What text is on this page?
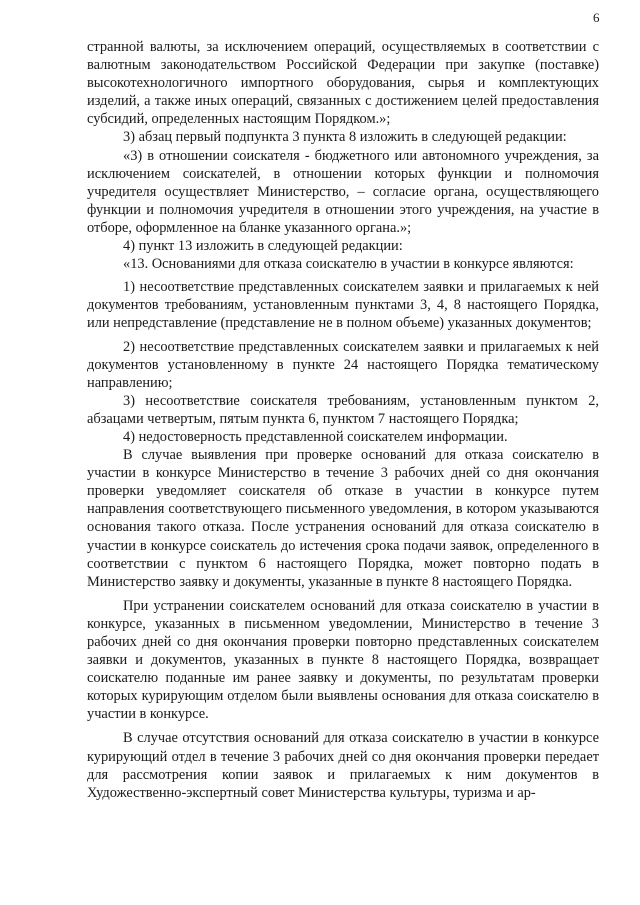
6

странной валюты, за исключением операций, осуществляемых в соответствии с валютным законодательством Российской Федерации при закупке (поставке) высокотехнологичного импортного оборудования, сырья и комплектующих изделий, а также иных операций, связанных с достижением целей предоставления субсидий, определенных настоящим Порядком.»;

3) абзац первый подпункта 3 пункта 8 изложить в следующей редакции:

«3) в отношении соискателя - бюджетного или автономного учреждения, за исключением соискателей, в отношении которых функции и полномочия учредителя осуществляет Министерство, – согласие органа, осуществляющего функции и полномочия учредителя в отношении этого учреждения, на участие в отборе, оформленное на бланке указанного органа.»;

4) пункт 13 изложить в следующей редакции:

«13. Основаниями для отказа соискателю в участии в конкурсе являются:

1) несоответствие представленных соискателем заявки и прилагаемых к ней документов требованиям, установленным пунктами 3, 4, 8 настоящего Порядка, или непредставление (представление не в полном объеме) указанных документов;

2) несоответствие представленных соискателем заявки и прилагаемых к ней документов установленному в пункте 24 настоящего Порядка тематическому направлению;

3) несоответствие соискателя требованиям, установленным пунктом 2, абзацами четвертым, пятым пункта 6, пунктом 7 настоящего Порядка;

4) недостоверность представленной соискателем информации.

В случае выявления при проверке оснований для отказа соискателю в участии в конкурсе Министерство в течение 3 рабочих дней со дня окончания проверки уведомляет соискателя об отказе в участии в конкурсе путем направления соответствующего письменного уведомления, в котором указываются основания такого отказа. После устранения оснований для отказа соискателю в участии в конкурсе соискатель до истечения срока подачи заявок, определенного в соответствии с пунктом 6 настоящего Порядка, может повторно подать в Министерство заявку и документы, указанные в пункте 8 настоящего Порядка.

При устранении соискателем оснований для отказа соискателю в участии в конкурсе, указанных в письменном уведомлении, Министерство в течение 3 рабочих дней со дня окончания проверки повторно представленных соискателем заявки и документов, указанных в пункте 8 настоящего Порядка, возвращает соискателю поданные им ранее заявку и документы, по результатам проверки которых курирующим отделом были выявлены основания для отказа соискателю в участии в конкурсе.

В случае отсутствия оснований для отказа соискателю в участии в конкурсе курирующий отдел в течение 3 рабочих дней со дня окончания проверки передает для рассмотрения копии заявок и прилагаемых к ним документов в Художественно-экспертный совет Министерства культуры, туризма и ар-
